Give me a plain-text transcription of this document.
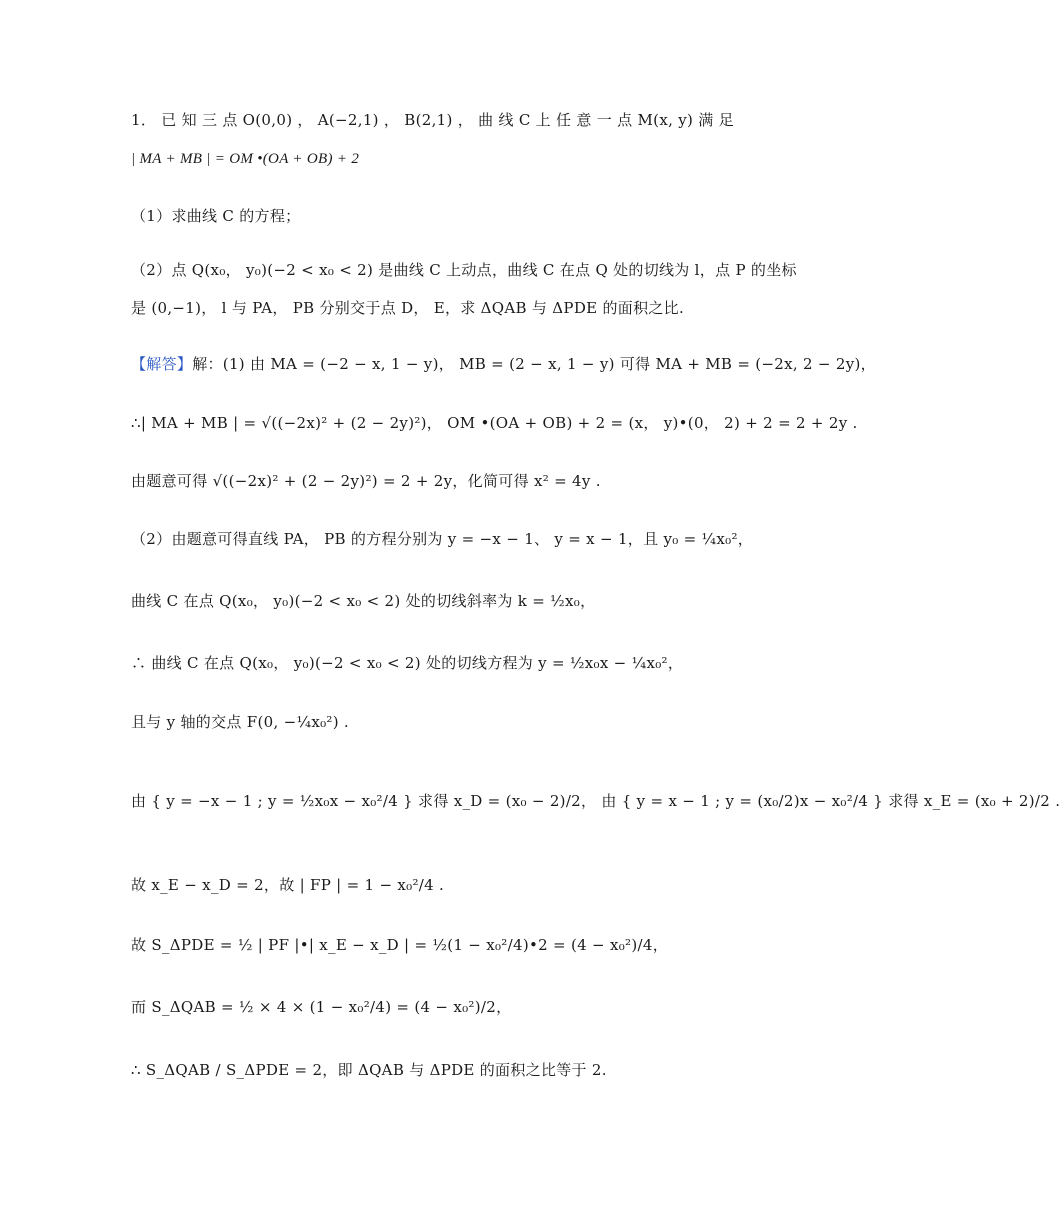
1． 已 知 三 点 O(0,0) ， A(−2,1) ， B(2,1) ， 曲 线 C 上 任 意 一 点 M(x, y) 满 足
| MA + MB | = OM •(OA + OB) + 2
（1）求曲线 C 的方程；
（2）点 Q(x₀， y₀)(−2 < x₀ < 2) 是曲线 C 上动点，曲线 C 在点 Q 处的切线为 l，点 P 的坐标
是 (0,−1)， l 与 PA， PB 分别交于点 D， E，求 ΔQAB 与 ΔPDE 的面积之比.
【解答】解：(1) 由 MA = (−2 − x, 1 − y)， MB = (2 − x, 1 − y) 可得 MA + MB = (−2x, 2 − 2y)，
∴| MA + MB | = √((−2x)² + (2 − 2y)²)， OM •(OA + OB) + 2 = (x， y)•(0， 2) + 2 = 2 + 2y .
由题意可得 √((−2x)² + (2 − 2y)²) = 2 + 2y，化简可得 x² = 4y .
（2）由题意可得直线 PA， PB 的方程分别为 y = −x − 1、 y = x − 1，且 y₀ = ¼x₀²，
曲线 C 在点 Q(x₀， y₀)(−2 < x₀ < 2) 处的切线斜率为 k = ½x₀，
∴ 曲线 C 在点 Q(x₀， y₀)(−2 < x₀ < 2) 处的切线方程为 y = ½x₀x − ¼x₀²，
且与 y 轴的交点 F(0, −¼x₀²) .
由 { y = −x − 1 ; y = ½x₀x − x₀²/4 } 求得 x_D = (x₀ − 2)/2， 由 { y = x − 1 ; y = (x₀/2)x − x₀²/4 } 求得 x_E = (x₀ + 2)/2 .
故 x_E − x_D = 2，故 | FP | = 1 − x₀²/4 .
故 S_ΔPDE = ½ | PF |•| x_E − x_D | = ½(1 − x₀²/4)•2 = (4 − x₀²)/4，
而 S_ΔQAB = ½ × 4 × (1 − x₀²/4) = (4 − x₀²)/2，
∴ S_ΔQAB / S_ΔPDE = 2，即 ΔQAB 与 ΔPDE 的面积之比等于 2.
